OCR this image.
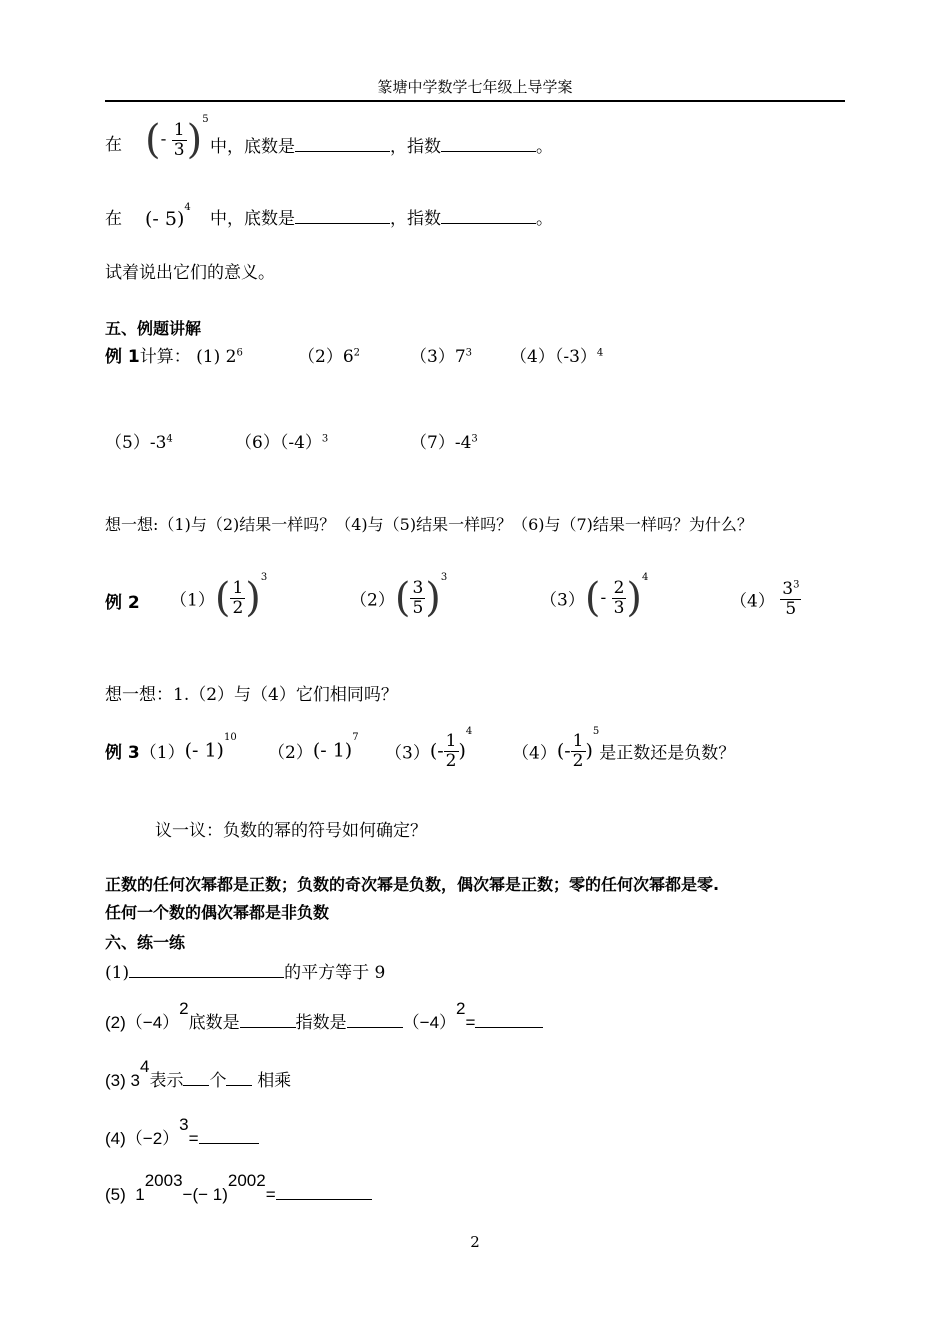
篆塘中学数学七年级上导学案
在 (- $\frac{1}{3} )^5$
中，底数是	，指数	。
在 (- 5)$^4$
中，底数是	，指数	。
试着说出它们的意义。
五、例题讲解
例 1计算： (1) $2^6$	$(2)6^2$	$(3)7^3$ $(4)(-3)^4$
$(5)-3^4$	$(6)(-4)^3$	$(7)-4^3$
想一想:（1)与（2)结果一样吗？（4)与（5)结果一样吗？（6)与（7)结果一样吗？为什么？
例 2 $(1)( \frac{1}{2} )^3$
$(2)( \frac{3}{5} )^3$
$(3)(- \frac{2}{3} )^4$
$(4) \frac{3^3}{5}$
想一想：1.（2）与（4）它们相同吗？
例 3（1）(- 1)$^{10}$
（2）(- 1)$^7$
$(3)(- \frac{1}{2} )^4$
$(4)(- \frac{1}{2} )^5$是正数还是负数？
议一议：负数的幂的符号如何确定？
正数的任何次幂都是正数；负数的奇次幂是负数，偶次幂是正数；零的任何次幂都是零.
任何一个数的偶次幂都是非负数
六、练一练
(1)	的平方等于 9
(2)（−4）2底数是	指数是	（−4）2=
(3) 34表示 个 相乘
(4)（−2）3=
(5) 12003−(− 1)2002=
2
